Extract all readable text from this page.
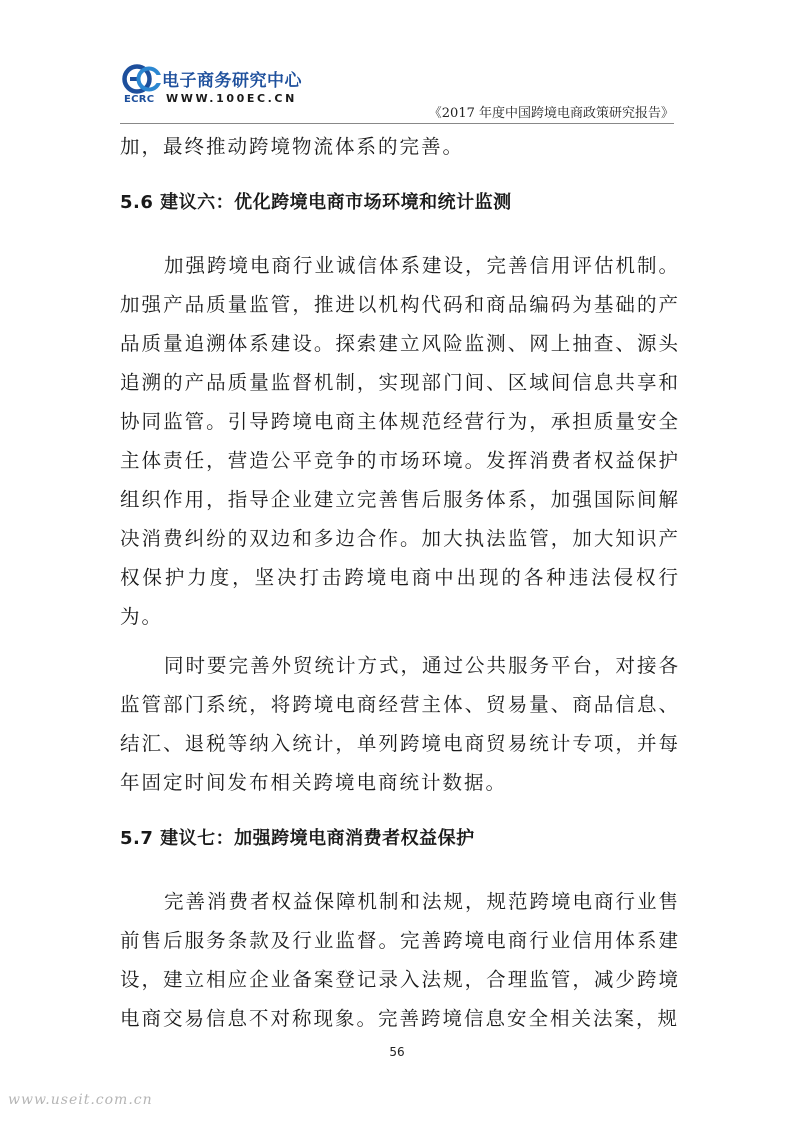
电子商务研究中心
ECRC WWW.100EC.CN
《2017 年度中国跨境电商政策研究报告》

加，最终推动跨境物流体系的完善。

5.6 建议六：优化跨境电商市场环境和统计监测

加强跨境电商行业诚信体系建设，完善信用评估机制。加强产品质量监管，推进以机构代码和商品编码为基础的产品质量追溯体系建设。探索建立风险监测、网上抽查、源头追溯的产品质量监督机制，实现部门间、区域间信息共享和协同监管。引导跨境电商主体规范经营行为，承担质量安全主体责任，营造公平竞争的市场环境。发挥消费者权益保护组织作用，指导企业建立完善售后服务体系，加强国际间解决消费纠纷的双边和多边合作。加大执法监管，加大知识产权保护力度，坚决打击跨境电商中出现的各种违法侵权行为。

同时要完善外贸统计方式，通过公共服务平台，对接各监管部门系统，将跨境电商经营主体、贸易量、商品信息、结汇、退税等纳入统计，单列跨境电商贸易统计专项，并每年固定时间发布相关跨境电商统计数据。

5.7 建议七：加强跨境电商消费者权益保护

完善消费者权益保障机制和法规，规范跨境电商行业售前售后服务条款及行业监督。完善跨境电商行业信用体系建设，建立相应企业备案登记录入法规，合理监管，减少跨境电商交易信息不对称现象。完善跨境信息安全相关法案，规

56
www.useit.com.cn
